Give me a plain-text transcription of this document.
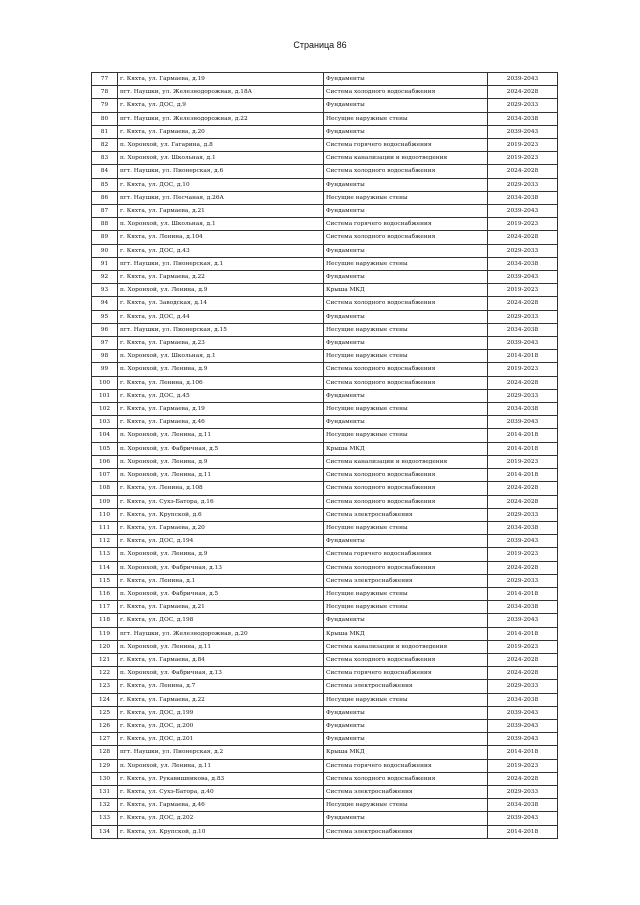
Страница 86
77	г. Кяхта, ул. Гармаева, д.19	Фундаменты	2039-2043
78	пгт. Наушки, ул. Железнодорожная, д.18А	Система холодного водоснабжения	2024-2028
79	г. Кяхта, ул. ДОС, д.9	Фундаменты	2029-2033
80	пгт. Наушки, ул. Железнодорожная, д.22	Несущие наружные стены	2034-2038
81	г. Кяхта, ул. Гармаева, д.20	Фундаменты	2039-2043
82	п. Хоронхой, ул. Гагарина, д.8	Система горячего водоснабжения	2019-2023
83	п. Хоронхой, ул. Школьная, д.1	Система канализации и водоотведения	2019-2023
84	пгт. Наушки, ул. Пионерская, д.6	Система холодного водоснабжения	2024-2028
85	г. Кяхта, ул. ДОС, д.10	Фундаменты	2029-2033
86	пгт. Наушки, ул. Песчаная, д.26А	Несущие наружные стены	2034-2038
87	г. Кяхта, ул. Гармаева, д.21	Фундаменты	2039-2043
88	п. Хоронхой, ул. Школьная, д.1	Система горячего водоснабжения	2019-2023
89	г. Кяхта, ул. Ленина, д.104	Система холодного водоснабжения	2024-2028
90	г. Кяхта, ул. ДОС, д.43	Фундаменты	2029-2033
91	пгт. Наушки, ул. Пионерская, д.1	Несущие наружные стены	2034-2038
92	г. Кяхта, ул. Гармаева, д.22	Фундаменты	2039-2043
93	п. Хоронхой, ул. Ленина, д.9	Крыша МКД	2019-2023
94	г. Кяхта, ул. Заводская, д.14	Система холодного водоснабжения	2024-2028
95	г. Кяхта, ул. ДОС, д.44	Фундаменты	2029-2033
96	пгт. Наушки, ул. Пионерская, д.15	Несущие наружные стены	2034-2038
97	г. Кяхта, ул. Гармаева, д.23	Фундаменты	2039-2043
98	п. Хоронхой, ул. Школьная, д.1	Несущие наружные стены	2014-2018
99	п. Хоронхой, ул. Ленина, д.9	Система холодного водоснабжения	2019-2023
100	г. Кяхта, ул. Ленина, д.106	Система холодного водоснабжения	2024-2028
101	г. Кяхта, ул. ДОС, д.45	Фундаменты	2029-2033
102	г. Кяхта, ул. Гармаева, д.19	Несущие наружные стены	2034-2038
103	г. Кяхта, ул. Гармаева, д.46	Фундаменты	2039-2043
104	п. Хоронхой, ул. Ленина, д.11	Несущие наружные стены	2014-2018
105	п. Хоронхой, ул. Фабричная, д.5	Крыша МКД	2014-2018
106	п. Хоронхой, ул. Ленина, д.9	Система канализации и водоотведения	2019-2023
107	п. Хоронхой, ул. Ленина, д.11	Система холодного водоснабжения	2014-2018
108	г. Кяхта, ул. Ленина, д.108	Система холодного водоснабжения	2024-2028
109	г. Кяхта, ул. Сухэ-Батора, д.16	Система холодного водоснабжения	2024-2028
110	г. Кяхта, ул. Крупской, д.6	Система электроснабжения	2029-2033
111	г. Кяхта, ул. Гармаева, д.20	Несущие наружные стены	2034-2038
112	г. Кяхта, ул. ДОС, д.194	Фундаменты	2039-2043
113	п. Хоронхой, ул. Ленина, д.9	Система горячего водоснабжения	2019-2023
114	п. Хоронхой, ул. Фабричная, д.13	Система холодного водоснабжения	2024-2028
115	г. Кяхта, ул. Ленина, д.1	Система электроснабжения	2029-2033
116	п. Хоронхой, ул. Фабричная, д.5	Несущие наружные стены	2014-2018
117	г. Кяхта, ул. Гармаева, д.21	Несущие наружные стены	2034-2038
118	г. Кяхта, ул. ДОС, д.198	Фундаменты	2039-2043
119	пгт. Наушки, ул. Железнодорожная, д.20	Крыша МКД	2014-2018
120	п. Хоронхой, ул. Ленина, д.11	Система канализации и водоотведения	2019-2023
121	г. Кяхта, ул. Гармаева, д.84	Система холодного водоснабжения	2024-2028
122	п. Хоронхой, ул. Фабричная, д.13	Система горячего водоснабжения	2024-2028
123	г. Кяхта, ул. Ленина, д.7	Система электроснабжения	2029-2033
124	г. Кяхта, ул. Гармаева, д.22	Несущие наружные стены	2034-2038
125	г. Кяхта, ул. ДОС, д.199	Фундаменты	2039-2043
126	г. Кяхта, ул. ДОС, д.200	Фундаменты	2039-2043
127	г. Кяхта, ул. ДОС, д.201	Фундаменты	2039-2043
128	пгт. Наушки, ул. Пионерская, д.2	Крыша МКД	2014-2018
129	п. Хоронхой, ул. Ленина, д.11	Система горячего водоснабжения	2019-2023
130	г. Кяхта, ул. Рукавишникова, д.83	Система холодного водоснабжения	2024-2028
131	г. Кяхта, ул. Сухэ-Батора, д.40	Система электроснабжения	2029-2033
132	г. Кяхта, ул. Гармаева, д.46	Несущие наружные стены	2034-2038
133	г. Кяхта, ул. ДОС, д.202	Фундаменты	2039-2043
134	г. Кяхта, ул. Крупской, д.10	Система электроснабжения	2014-2018
